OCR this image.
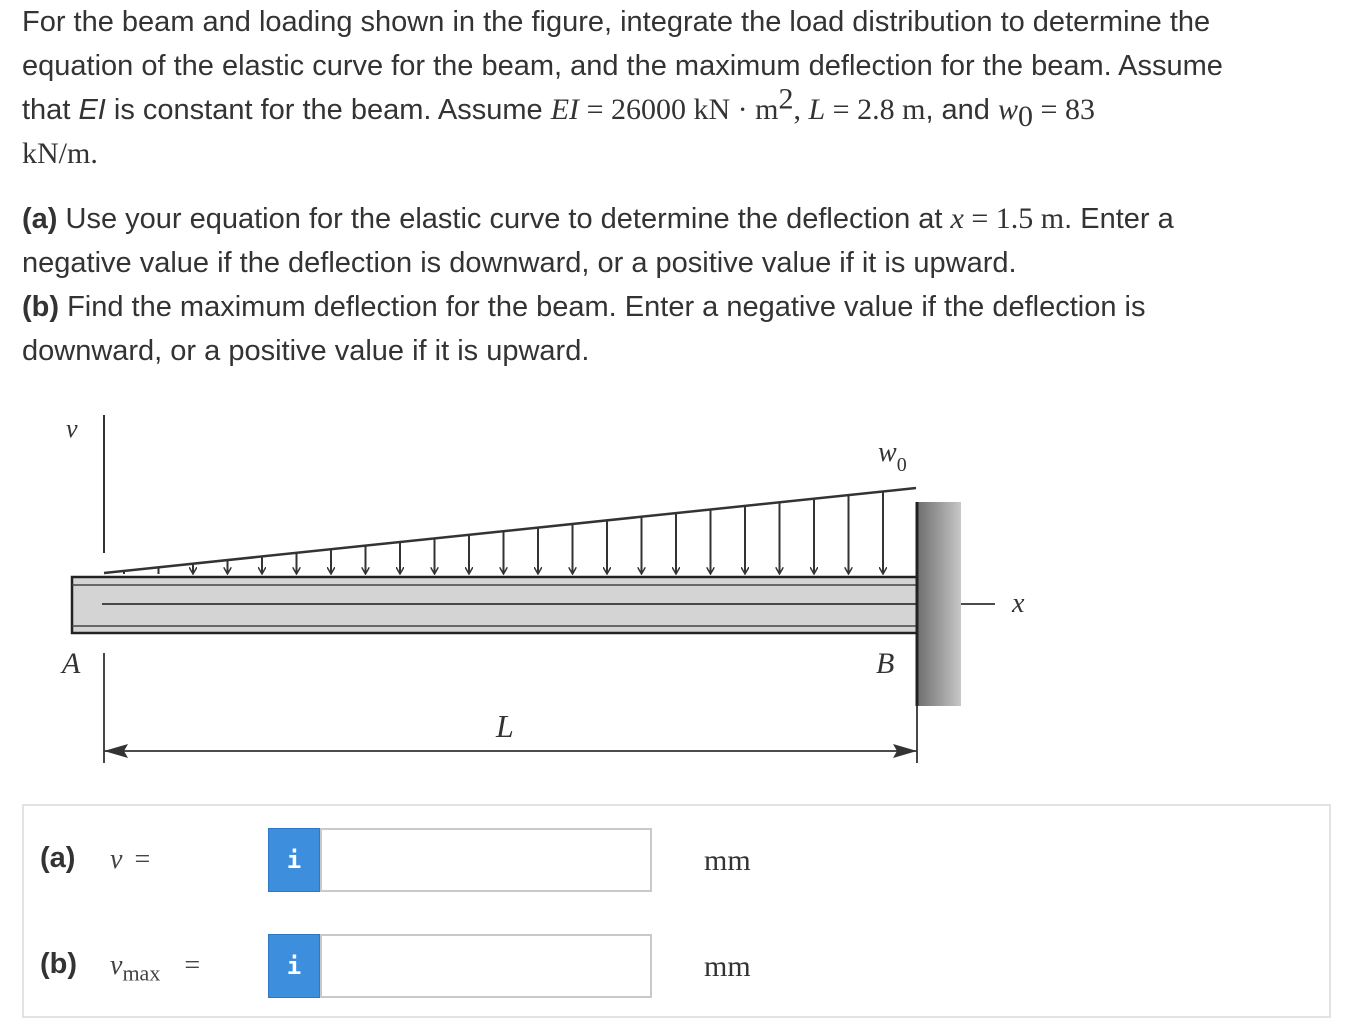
For the beam and loading shown in the figure, integrate the load distribution to determine the
equation of the elastic curve for the beam, and the maximum deflection for the beam. Assume
that EI is constant for the beam. Assume EI = 26000 kN · $m^2$, L = 2.8 m, and $w_0 = 83$
kN/m.
(a) Use your equation for the elastic curve to determine the deflection at x = 1.5 m. Enter a
negative value if the deflection is downward, or a positive value if it is upward.
(b) Find the maximum deflection for the beam. Enter a negative value if the deflection is
downward, or a positive value if it is upward.
v
$w_0$
x
A	B
L
(a) v =	i	mm
(b) $v_{max}$ =	i	mm
